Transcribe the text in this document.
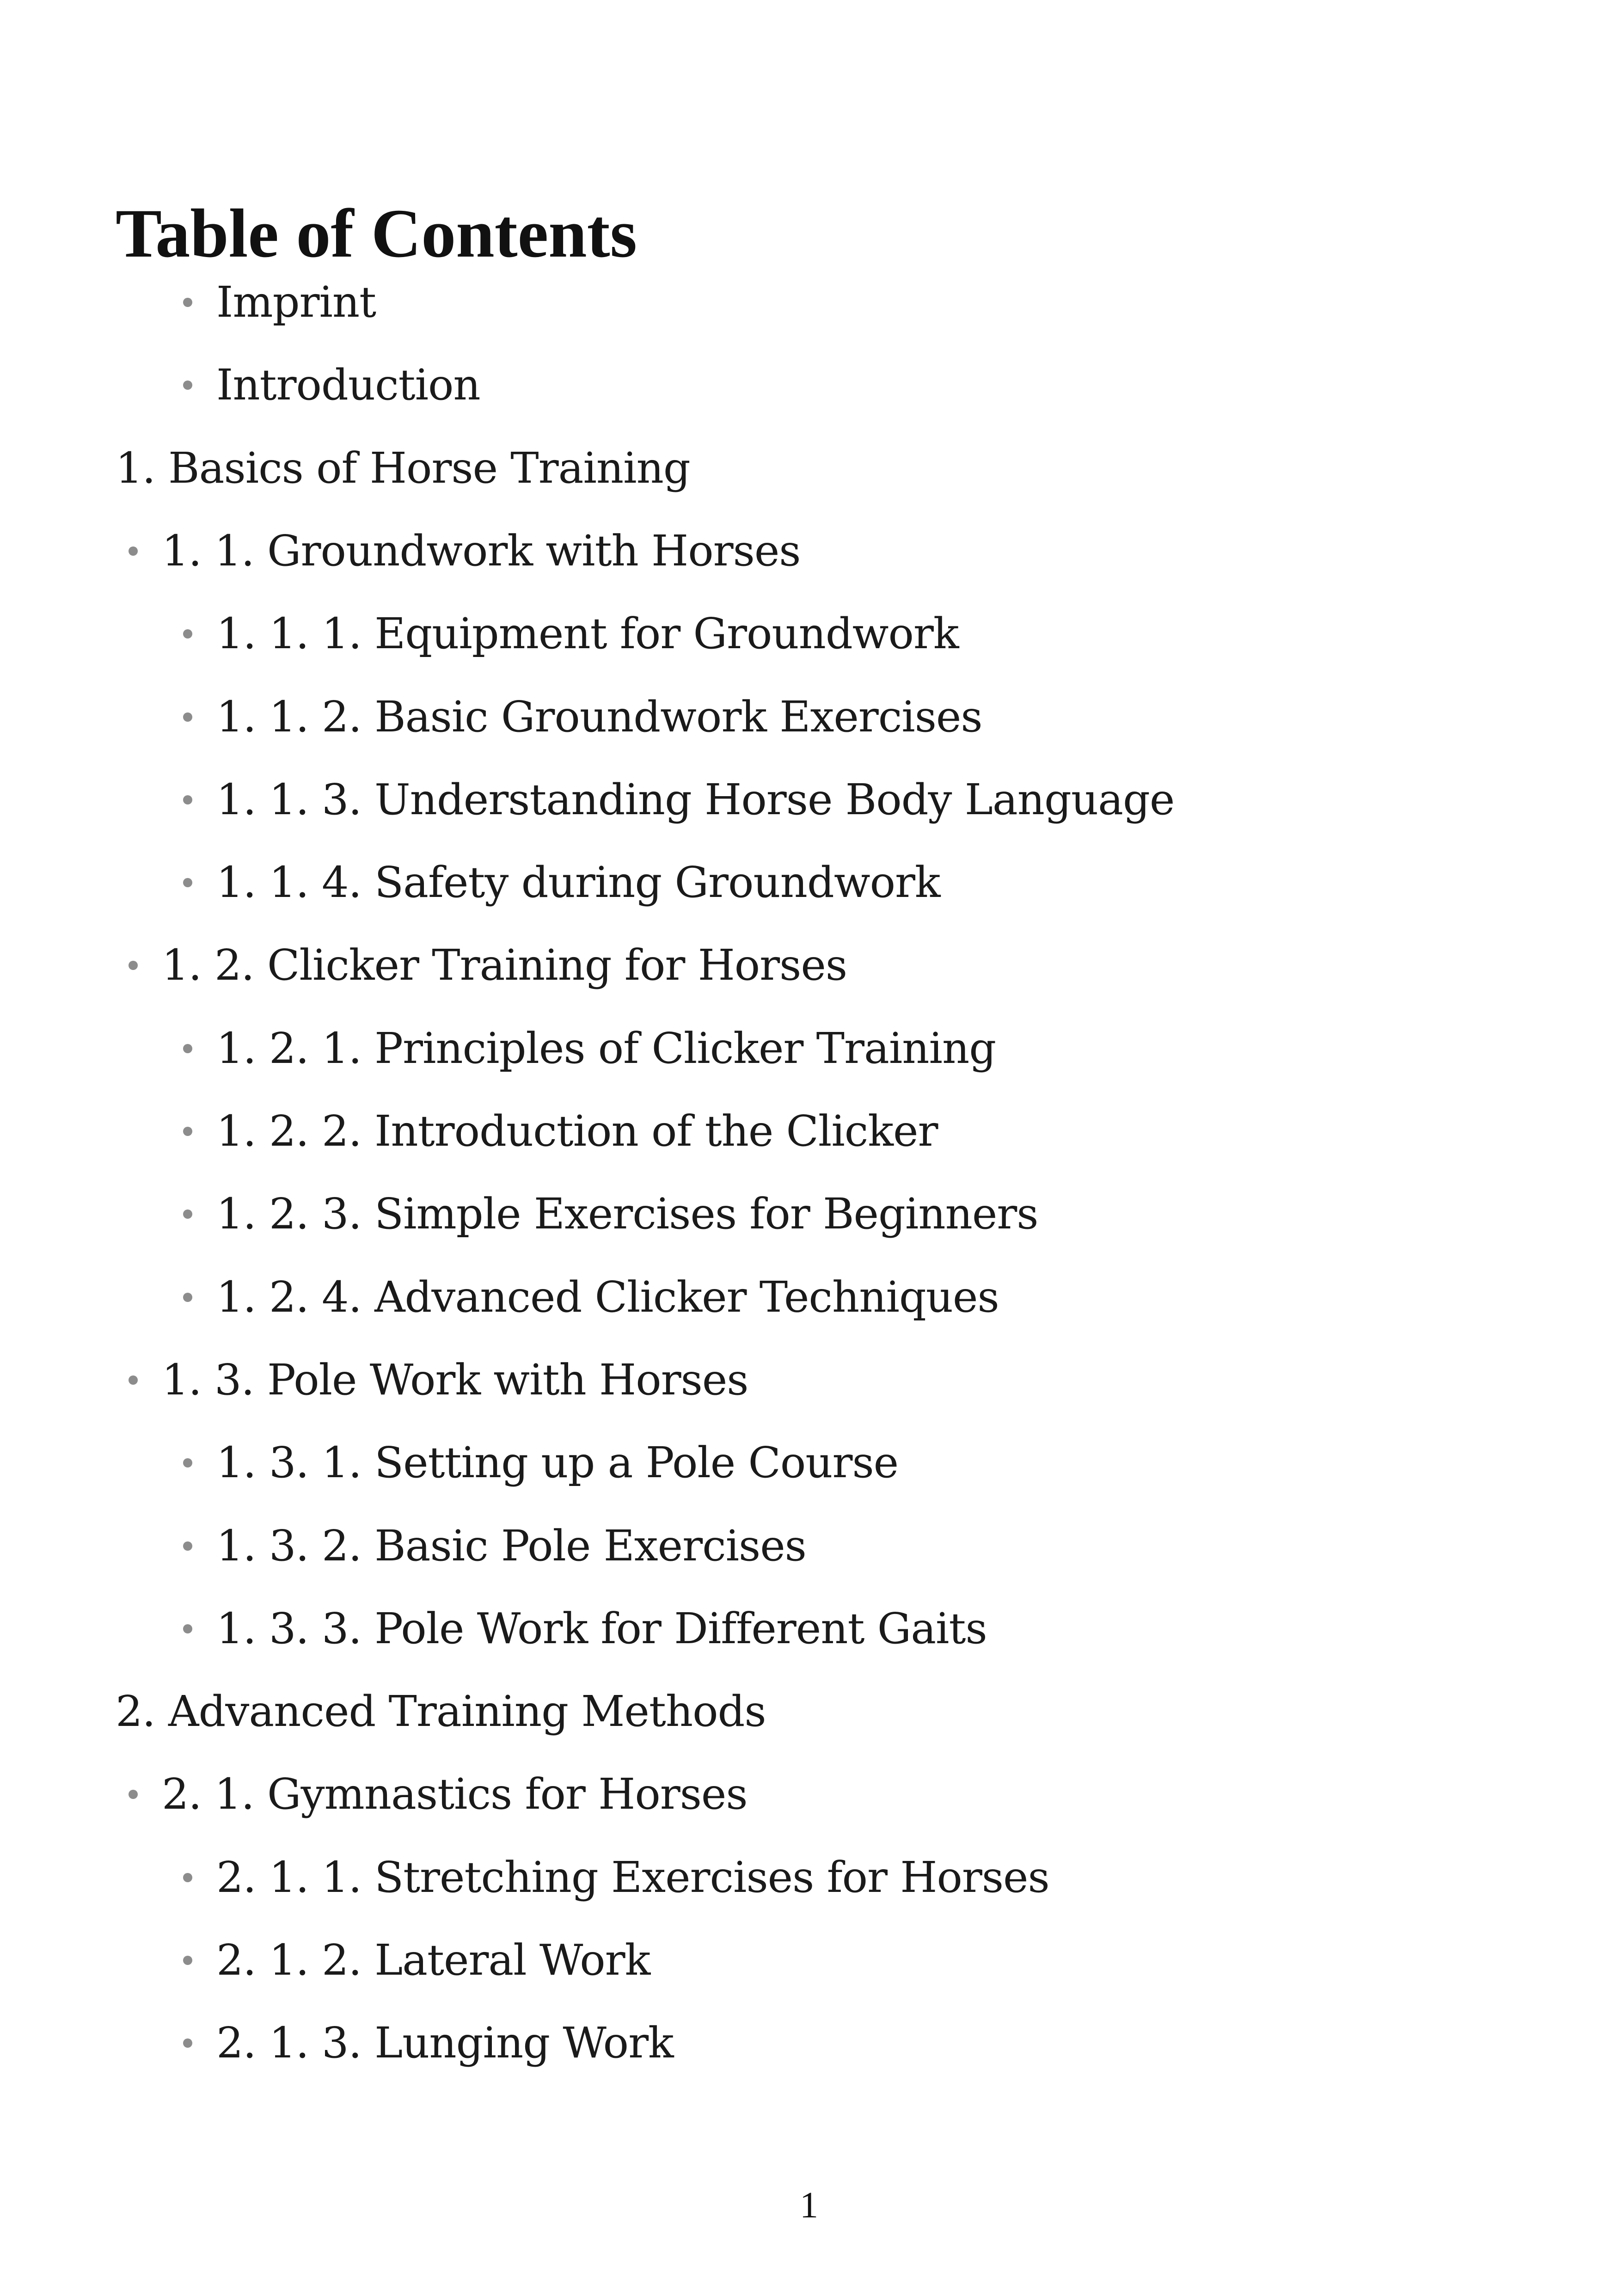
Table of Contents
Imprint
Introduction
1. Basics of Horse Training
1. 1. Groundwork with Horses
1. 1. 1. Equipment for Groundwork
1. 1. 2. Basic Groundwork Exercises
1. 1. 3. Understanding Horse Body Language
1. 1. 4. Safety during Groundwork
1. 2. Clicker Training for Horses
1. 2. 1. Principles of Clicker Training
1. 2. 2. Introduction of the Clicker
1. 2. 3. Simple Exercises for Beginners
1. 2. 4. Advanced Clicker Techniques
1. 3. Pole Work with Horses
1. 3. 1. Setting up a Pole Course
1. 3. 2. Basic Pole Exercises
1. 3. 3. Pole Work for Different Gaits
2. Advanced Training Methods
2. 1. Gymnastics for Horses
2. 1. 1. Stretching Exercises for Horses
2. 1. 2. Lateral Work
2. 1. 3. Lunging Work
1
